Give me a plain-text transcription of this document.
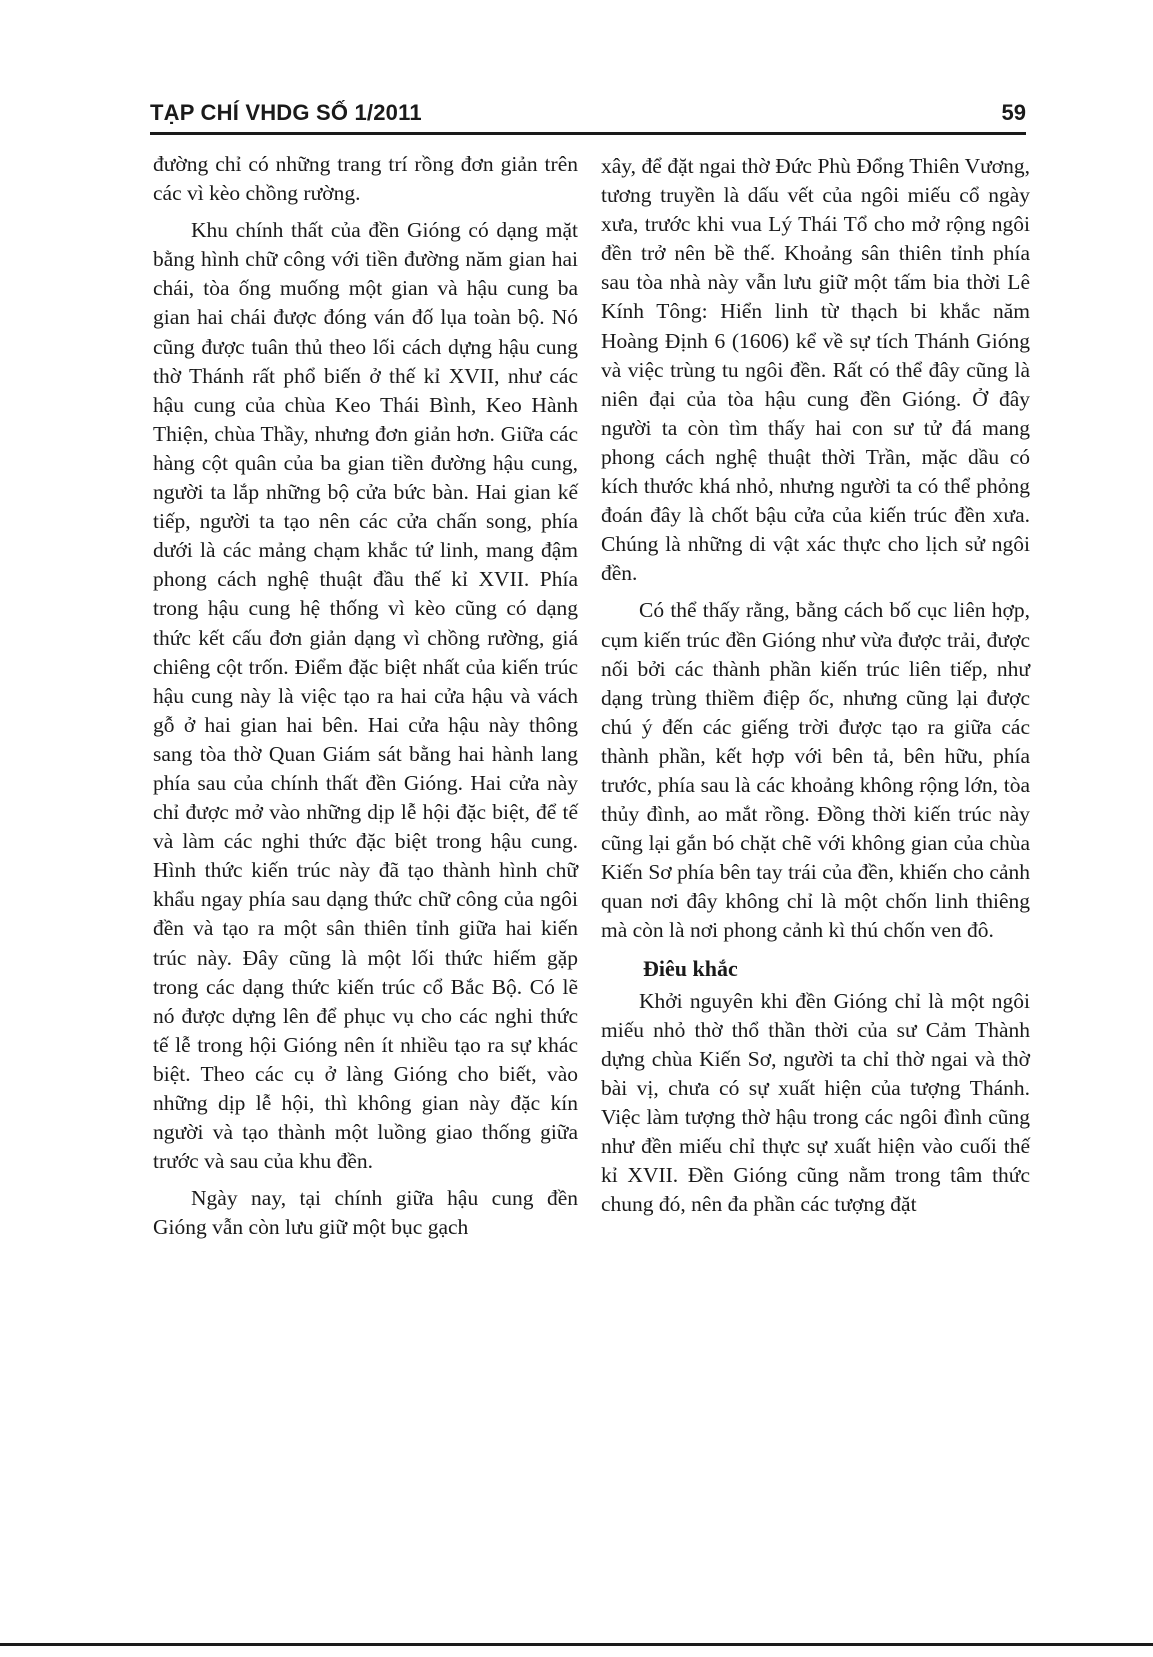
TẠP CHÍ VHDG SỐ 1/2011	59

đường chỉ có những trang trí rồng đơn giản trên các vì kèo chồng rường.

Khu chính thất của đền Gióng có dạng mặt bằng hình chữ công với tiền đường năm gian hai chái, tòa ống muống một gian và hậu cung ba gian hai chái được đóng ván đố lụa toàn bộ. Nó cũng được tuân thủ theo lối cách dựng hậu cung thờ Thánh rất phổ biến ở thế kỉ XVII, như các hậu cung của chùa Keo Thái Bình, Keo Hành Thiện, chùa Thầy, nhưng đơn giản hơn. Giữa các hàng cột quân của ba gian tiền đường hậu cung, người ta lắp những bộ cửa bức bàn. Hai gian kế tiếp, người ta tạo nên các cửa chấn song, phía dưới là các mảng chạm khắc tứ linh, mang đậm phong cách nghệ thuật đầu thế kỉ XVII. Phía trong hậu cung hệ thống vì kèo cũng có dạng thức kết cấu đơn giản dạng vì chồng rường, giá chiêng cột trốn. Điểm đặc biệt nhất của kiến trúc hậu cung này là việc tạo ra hai cửa hậu và vách gỗ ở hai gian hai bên. Hai cửa hậu này thông sang tòa thờ Quan Giám sát bằng hai hành lang phía sau của chính thất đền Gióng. Hai cửa này chỉ được mở vào những dịp lễ hội đặc biệt, để tế và làm các nghi thức đặc biệt trong hậu cung. Hình thức kiến trúc này đã tạo thành hình chữ khẩu ngay phía sau dạng thức chữ công của ngôi đền và tạo ra một sân thiên tỉnh giữa hai kiến trúc này. Đây cũng là một lối thức hiếm gặp trong các dạng thức kiến trúc cổ Bắc Bộ. Có lẽ nó được dựng lên để phục vụ cho các nghi thức tế lễ trong hội Gióng nên ít nhiều tạo ra sự khác biệt. Theo các cụ ở làng Gióng cho biết, vào những dịp lễ hội, thì không gian này đặc kín người và tạo thành một luồng giao thống giữa trước và sau của khu đền.

Ngày nay, tại chính giữa hậu cung đền Gióng vẫn còn lưu giữ một bục gạch

xây, để đặt ngai thờ Đức Phù Đổng Thiên Vương, tương truyền là dấu vết của ngôi miếu cổ ngày xưa, trước khi vua Lý Thái Tổ cho mở rộng ngôi đền trở nên bề thế. Khoảng sân thiên tỉnh phía sau tòa nhà này vẫn lưu giữ một tấm bia thời Lê Kính Tông: Hiển linh từ thạch bi khắc năm Hoàng Định 6 (1606) kể về sự tích Thánh Gióng và việc trùng tu ngôi đền. Rất có thể đây cũng là niên đại của tòa hậu cung đền Gióng. Ở đây người ta còn tìm thấy hai con sư tử đá mang phong cách nghệ thuật thời Trần, mặc dầu có kích thước khá nhỏ, nhưng người ta có thể phỏng đoán đây là chốt bậu cửa của kiến trúc đền xưa. Chúng là những di vật xác thực cho lịch sử ngôi đền.

Có thể thấy rằng, bằng cách bố cục liên hợp, cụm kiến trúc đền Gióng như vừa được trải, được nối bởi các thành phần kiến trúc liên tiếp, như dạng trùng thiềm điệp ốc, nhưng cũng lại được chú ý đến các giếng trời được tạo ra giữa các thành phần, kết hợp với bên tả, bên hữu, phía trước, phía sau là các khoảng không rộng lớn, tòa thủy đình, ao mắt rồng. Đồng thời kiến trúc này cũng lại gắn bó chặt chẽ với không gian của chùa Kiến Sơ phía bên tay trái của đền, khiến cho cảnh quan nơi đây không chỉ là một chốn linh thiêng mà còn là nơi phong cảnh kì thú chốn ven đô.

Điêu khắc

Khởi nguyên khi đền Gióng chỉ là một ngôi miếu nhỏ thờ thổ thần thời của sư Cảm Thành dựng chùa Kiến Sơ, người ta chỉ thờ ngai và thờ bài vị, chưa có sự xuất hiện của tượng Thánh. Việc làm tượng thờ hậu trong các ngôi đình cũng như đền miếu chỉ thực sự xuất hiện vào cuối thế kỉ XVII. Đền Gióng cũng nằm trong tâm thức chung đó, nên đa phần các tượng đặt
